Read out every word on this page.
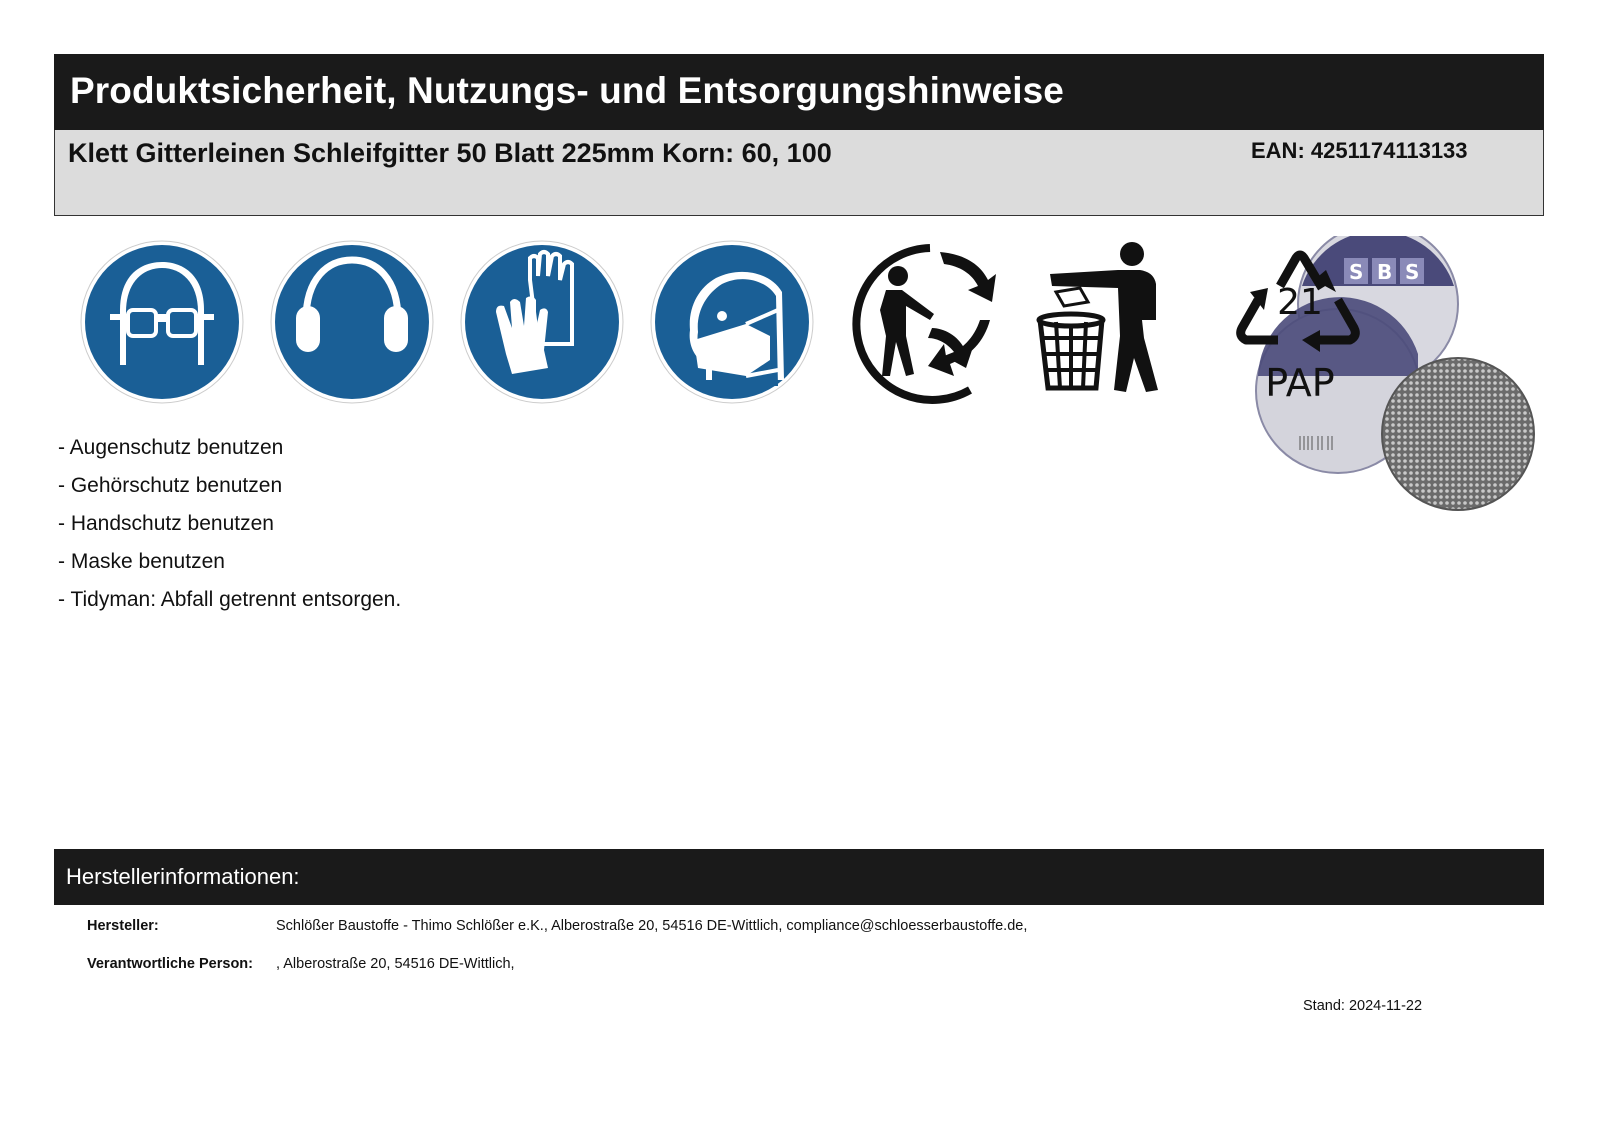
Produktsicherheit, Nutzungs- und Entsorgungshinweise
Klett Gitterleinen Schleifgitter 50 Blatt 225mm Korn: 60, 100	EAN: 4251174113133
S B S
21
PAP
- Augenschutz benutzen
- Gehörschutz benutzen
- Handschutz benutzen
- Maske benutzen
- Tidyman: Abfall getrennt entsorgen.
Herstellerinformationen:
Hersteller:	Schlößer Baustoffe - Thimo Schlößer e.K., Alberostraße 20, 54516 DE-Wittlich, compliance@schloesserbaustoffe.de,
Verantwortliche Person: , Alberostraße 20, 54516 DE-Wittlich,
Stand: 2024-11-22
